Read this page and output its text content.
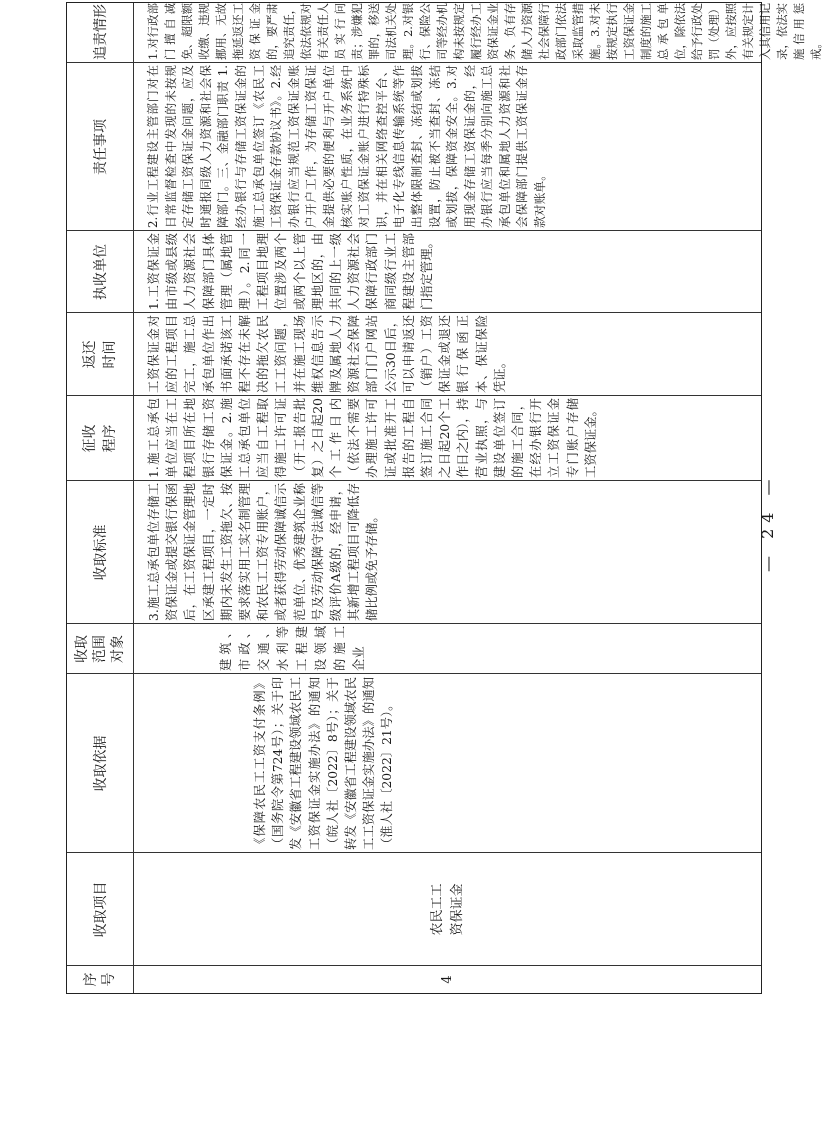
序号
收取项目
收取依据
收取范围对象
收取标准
征收程序
返还时间
执收单位
责任事项
追责情形
4
农民工工资保证金
《保障农民工工资支付条例》（国务院令第724号）；关于印发《安徽省工程建设领域农民工工资保证金实施办法》的通知（皖人社〔2022〕8号）；关于转发《安徽省工程建设领域农民工工资保证金实施办法》的通知（淮人社〔2022〕21号）。
建筑、市政、交通、水利等工程建设领域的施工企业
3.施工总承包单位存储工资保证金或提交银行保函后，在工资保证金管理地区承建工程项目，一定时期内未发生工资拖欠、按要求落实用工实名制管理和农民工工资专用账户，或者获得劳动保障诚信示范单位、优秀建筑企业称号及劳动保障守法诚信等级评价A级的，经申请，其新增工程项目可降低存储比例或免予存储。
1.施工总承包单位应当在工程项目所在地银行存储工资保证金。2.施工总承包单位应当自工程取得施工许可证（开工报告批复）之日起20个工作日内（依法不需要办理施工许可证或批准开工报告的工程自签订施工合同之日起20个工作日之内），持营业执照，与建设单位签订的施工合同，在经办银行开立工资保证金专门账户存储工资保证金。
工资保证金对应的工程项目完工，施工总承包单位作出书面承诺该工程不存在未解决的拖欠农民工工资问题，并在施工现场维权信息告示牌及属地人力资源社会保障部门门户网站公示30日后，可以申请返还（销户）工资保证金或退还银行保函正本、保证保险凭证。
1.工资保证金由市级或县级人力资源社会保障部门具体管理（属地管理）。2.同一工程项目地理位置涉及两个或两个以上管理地区的，由共同的上一级人力资源社会保障行政部门商同级行业工程建设主管部门指定管理。
2.行业工程建设主管部门对在日常监督检查中发现的未按规定存储工资保证金问题，应及时通报同级人力资源和社会保障部门。三、金融部门职责 1.经办银行与存储工资保证金的施工总承包单位签订《农民工工资保证金存款协议书》。2.经办银行应当规范工资保证金账户开户工作，为存储工资保证金提供必要的便利与开户单位核实账户性质，在业务系统中对工资保证金账户进行特殊标识，并在相关网络查控平台、电子化专线信息传输系统等作出整体限制查封、冻结或划拔设置，防止被不当查封、冻结或划拔，保障资金安全。3.对用现金存储工资保证金的，经办银行应当每季分别向施工总承包单位和属地人力资源和社会保障部门提供工资保证金存款对账单。
1.对行政部门擅自减免、超限额收缴、违规挪用、无故拖延返还工资保证金的，要严肃追究责任，依法依规对有关责任人员实行问责；涉嫌犯罪的，移送司法机关处理。2.对银行、保险公司等经办机构未按规定履行经办工资保证金业务、负有存储人力资源社会保障行政部门依法采取监管措施。3.对未按规定执行工资保证金制度的施工总承包单位，除依法给予行政处罚（处理）外，应按照有关规定计入其信用记录，依法实施信用惩戒。
— 24 —
